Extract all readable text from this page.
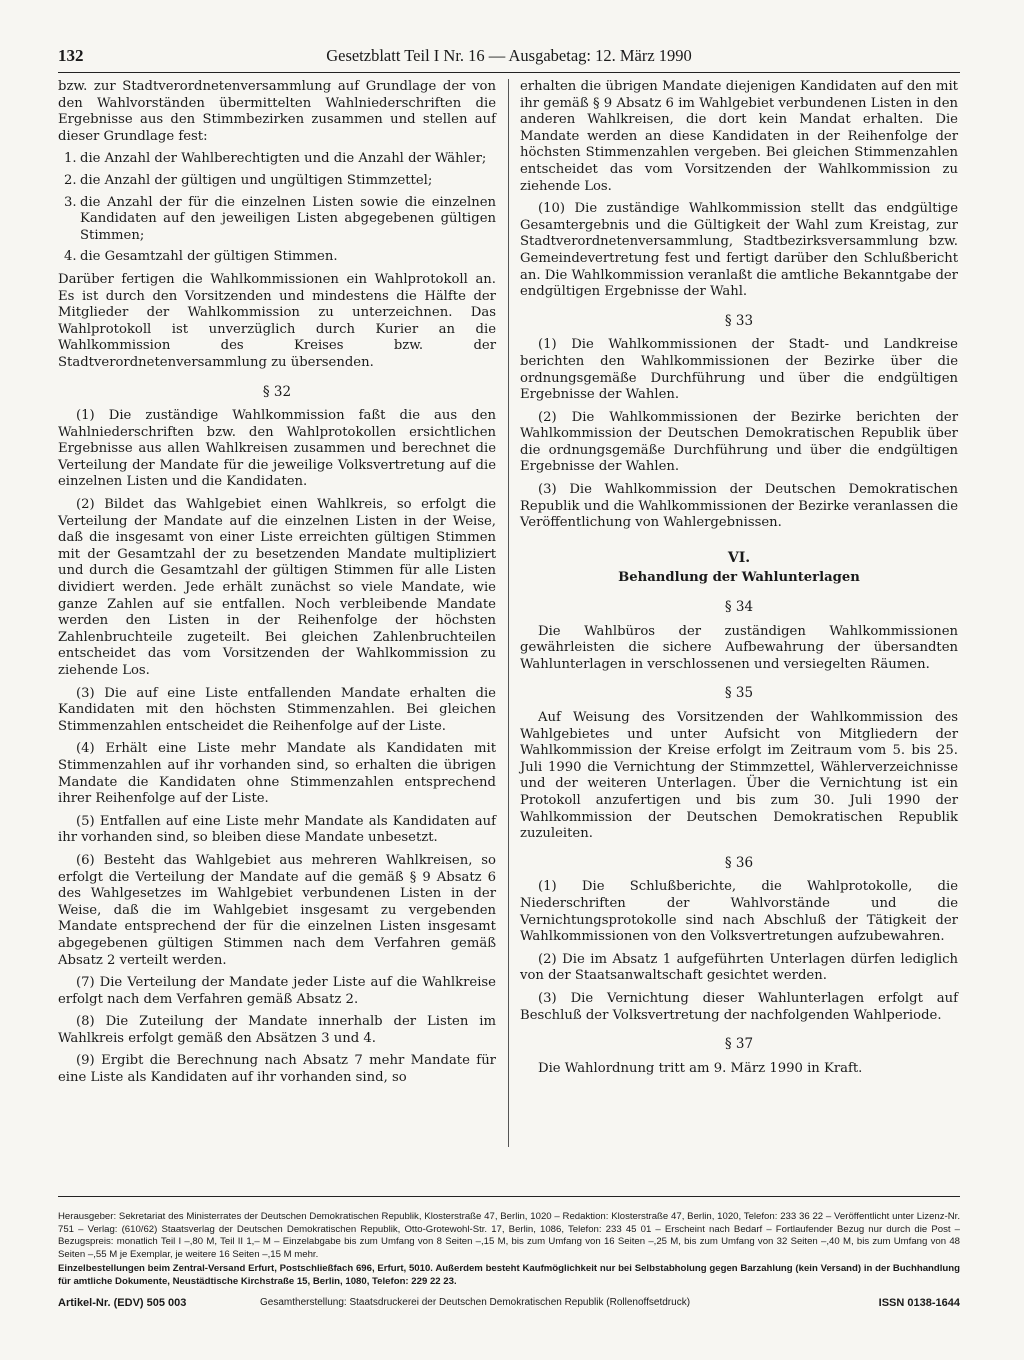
132	Gesetzblatt Teil I Nr. 16 — Ausgabetag: 12. März 1990

bzw. zur Stadtverordnetenversammlung auf Grundlage der von den Wahlvorständen übermittelten Wahlniederschriften die Ergebnisse aus den Stimmbezirken zusammen und stellen auf dieser Grundlage fest:

1. die Anzahl der Wahlberechtigten und die Anzahl der Wähler;
2. die Anzahl der gültigen und ungültigen Stimmzettel;
3. die Anzahl der für die einzelnen Listen sowie die einzelnen Kandidaten auf den jeweiligen Listen abgegebenen gültigen Stimmen;
4. die Gesamtzahl der gültigen Stimmen.

Darüber fertigen die Wahlkommissionen ein Wahlprotokoll an. Es ist durch den Vorsitzenden und mindestens die Hälfte der Mitglieder der Wahlkommission zu unterzeichnen. Das Wahlprotokoll ist unverzüglich durch Kurier an die Wahlkommission des Kreises bzw. der Stadtverordnetenversammlung zu übersenden.

§ 32

(1) Die zuständige Wahlkommission faßt die aus den Wahlniederschriften bzw. den Wahlprotokollen ersichtlichen Ergebnisse aus allen Wahlkreisen zusammen und berechnet die Verteilung der Mandate für die jeweilige Volksvertretung auf die einzelnen Listen und die Kandidaten.

(2) Bildet das Wahlgebiet einen Wahlkreis, so erfolgt die Verteilung der Mandate auf die einzelnen Listen in der Weise, daß die insgesamt von einer Liste erreichten gültigen Stimmen mit der Gesamtzahl der zu besetzenden Mandate multipliziert und durch die Gesamtzahl der gültigen Stimmen für alle Listen dividiert werden. Jede erhält zunächst so viele Mandate, wie ganze Zahlen auf sie entfallen. Noch verbleibende Mandate werden den Listen in der Reihenfolge der höchsten Zahlenbruchteile zugeteilt. Bei gleichen Zahlenbruchteilen entscheidet das vom Vorsitzenden der Wahlkommission zu ziehende Los.

(3) Die auf eine Liste entfallenden Mandate erhalten die Kandidaten mit den höchsten Stimmenzahlen. Bei gleichen Stimmenzahlen entscheidet die Reihenfolge auf der Liste.

(4) Erhält eine Liste mehr Mandate als Kandidaten mit Stimmenzahlen auf ihr vorhanden sind, so erhalten die übrigen Mandate die Kandidaten ohne Stimmenzahlen entsprechend ihrer Reihenfolge auf der Liste.

(5) Entfallen auf eine Liste mehr Mandate als Kandidaten auf ihr vorhanden sind, so bleiben diese Mandate unbesetzt.

(6) Besteht das Wahlgebiet aus mehreren Wahlkreisen, so erfolgt die Verteilung der Mandate auf die gemäß § 9 Absatz 6 des Wahlgesetzes im Wahlgebiet verbundenen Listen in der Weise, daß die im Wahlgebiet insgesamt zu vergebenden Mandate entsprechend der für die einzelnen Listen insgesamt abgegebenen gültigen Stimmen nach dem Verfahren gemäß Absatz 2 verteilt werden.

(7) Die Verteilung der Mandate jeder Liste auf die Wahlkreise erfolgt nach dem Verfahren gemäß Absatz 2.

(8) Die Zuteilung der Mandate innerhalb der Listen im Wahlkreis erfolgt gemäß den Absätzen 3 und 4.

(9) Ergibt die Berechnung nach Absatz 7 mehr Mandate für eine Liste als Kandidaten auf ihr vorhanden sind, so

erhalten die übrigen Mandate diejenigen Kandidaten auf den mit ihr gemäß § 9 Absatz 6 im Wahlgebiet verbundenen Listen in den anderen Wahlkreisen, die dort kein Mandat erhalten. Die Mandate werden an diese Kandidaten in der Reihenfolge der höchsten Stimmenzahlen vergeben. Bei gleichen Stimmenzahlen entscheidet das vom Vorsitzenden der Wahlkommission zu ziehende Los.

(10) Die zuständige Wahlkommission stellt das endgültige Gesamtergebnis und die Gültigkeit der Wahl zum Kreistag, zur Stadtverordnetenversammlung, Stadtbezirksversammlung bzw. Gemeindevertretung fest und fertigt darüber den Schlußbericht an. Die Wahlkommission veranlaßt die amtliche Bekanntgabe der endgültigen Ergebnisse der Wahl.

§ 33

(1) Die Wahlkommissionen der Stadt- und Landkreise berichten den Wahlkommissionen der Bezirke über die ordnungsgemäße Durchführung und über die endgültigen Ergebnisse der Wahlen.

(2) Die Wahlkommissionen der Bezirke berichten der Wahlkommission der Deutschen Demokratischen Republik über die ordnungsgemäße Durchführung und über die endgültigen Ergebnisse der Wahlen.

(3) Die Wahlkommission der Deutschen Demokratischen Republik und die Wahlkommissionen der Bezirke veranlassen die Veröffentlichung von Wahlergebnissen.

VI.
Behandlung der Wahlunterlagen
§ 34

Die Wahlbüros der zuständigen Wahlkommissionen gewährleisten die sichere Aufbewahrung der übersandten Wahlunterlagen in verschlossenen und versiegelten Räumen.

§ 35

Auf Weisung des Vorsitzenden der Wahlkommission des Wahlgebietes und unter Aufsicht von Mitgliedern der Wahlkommission der Kreise erfolgt im Zeitraum vom 5. bis 25. Juli 1990 die Vernichtung der Stimmzettel, Wählerverzeichnisse und der weiteren Unterlagen. Über die Vernichtung ist ein Protokoll anzufertigen und bis zum 30. Juli 1990 der Wahlkommission der Deutschen Demokratischen Republik zuzuleiten.

§ 36

(1) Die Schlußberichte, die Wahlprotokolle, die Niederschriften der Wahlvorstände und die Vernichtungsprotokolle sind nach Abschluß der Tätigkeit der Wahlkommissionen von den Volksvertretungen aufzubewahren.

(2) Die im Absatz 1 aufgeführten Unterlagen dürfen lediglich von der Staatsanwaltschaft gesichtet werden.

(3) Die Vernichtung dieser Wahlunterlagen erfolgt auf Beschluß der Volksvertretung der nachfolgenden Wahlperiode.

§ 37

Die Wahlordnung tritt am 9. März 1990 in Kraft.

Herausgeber: Sekretariat des Ministerrates der Deutschen Demokratischen Republik, Klosterstraße 47, Berlin, 1020 – Redaktion: Klosterstraße 47, Berlin, 1020, Telefon: 233 36 22 – Veröffentlicht unter Lizenz-Nr. 751 – Verlag: (610/62) Staatsverlag der Deutschen Demokratischen Republik, Otto-Grotewohl-Str. 17, Berlin, 1086, Telefon: 233 45 01 – Erscheint nach Bedarf – Fortlaufender Bezug nur durch die Post – Bezugspreis: monatlich Teil I –,80 M, Teil II 1,– M – Einzelabgabe bis zum Umfang von 8 Seiten –,15 M, bis zum Umfang von 16 Seiten –,25 M, bis zum Umfang von 32 Seiten –,40 M, bis zum Umfang von 48 Seiten –,55 M je Exemplar, je weitere 16 Seiten –,15 M mehr.

Einzelbestellungen beim Zentral-Versand Erfurt, Postschließfach 696, Erfurt, 5010. Außerdem besteht Kaufmöglichkeit nur bei Selbstabholung gegen Barzahlung (kein Versand) in der Buchhandlung für amtliche Dokumente, Neustädtische Kirchstraße 15, Berlin, 1080, Telefon: 229 22 23.

Artikel-Nr. (EDV) 505 003	Gesamtherstellung: Staatsdruckerei der Deutschen Demokratischen Republik (Rollenoffsetdruck)	ISSN 0138-1644
